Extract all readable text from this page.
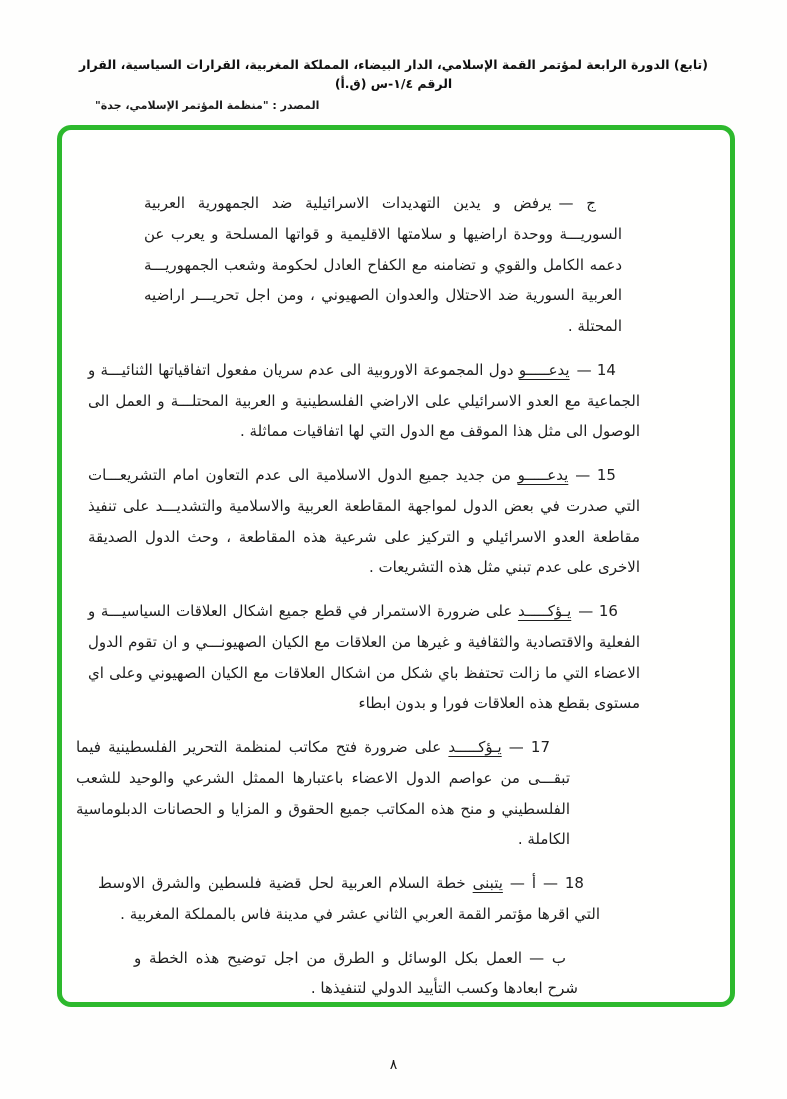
(تابع) الدورة الرابعة لمؤتمر القمة الإسلامي، الدار البيضاء، المملكة المغربية، القرارات السياسية، القرار الرقم ١/٤-س (ق.أ)
المصدر : "منظمة المؤتمر الإسلامي، جدة"
ج —يرفض و يدين التهديدات الاسرائيلية ضد الجمهورية العربية السوريـــة ووحدة اراضيها و سلامتها الاقليمية و قواتها المسلحة و يعرب عن دعمه الكامل والقوي و تضامنه مع الكفاح العادل لحكومة وشعب الجمهوريـــة العربية السورية ضد الاحتلال والعدوان الصهيوني ، ومن اجل تحريـــر اراضيه المحتلة .
14 —يدعـــــو دول المجموعة الاوروبية الى عدم سريان مفعول اتفاقياتها الثنائيـــة و الجماعية مع العدو الاسرائيلي على الاراضي الفلسطينية و العربية المحتلـــة و العمل الى الوصول الى مثل هذا الموقف مع الدول التي لها اتفاقيات مماثلة .
15 —يدعـــــو من جديد جميع الدول الاسلامية الى عدم التعاون امام التشريعـــات التي صدرت في بعض الدول لمواجهة المقاطعة العربية والاسلامية والتشديـــد على تنفيذ مقاطعة العدو الاسرائيلي و التركيز على شرعية هذه المقاطعة ، وحث الدول الصديقة الاخرى على عدم تبني مثل هذه التشريعات .
16 —يـؤكـــــد على ضرورة الاستمرار في قطع جميع اشكال العلاقات السياسيـــة و الفعلية والاقتصادية والثقافية و غيرها من العلاقات مع الكيان الصهيونـــي و ان تقوم الدول الاعضاء التي ما زالت تحتفظ باي شكل من اشكال العلاقات مع الكيان الصهيوني وعلى اي مستوى بقطع هذه العلاقات فورا و بدون ابطاء
17 —يـؤكـــــد على ضرورة فتح مكاتب لمنظمة التحرير الفلسطينية فيما تبقـــى من عواصم الدول الاعضاء باعتبارها الممثل الشرعي والوحيد للشعب الفلسطيني و منح هذه المكاتب جميع الحقوق و المزايا و الحصانات الدبلوماسية الكاملة .
18 — أ —يتبنى خطة السلام العربية لحل قضية فلسطين والشرق الاوسط التي اقرها مؤتمر القمة العربي الثاني عشر في مدينة فاس بالمملكة المغربية .
ب —العمل بكل الوسائل و الطرق من اجل توضيح هذه الخطة و شرح ابعادها وكسب التأييد الدولي لتنفيذها .
٨
